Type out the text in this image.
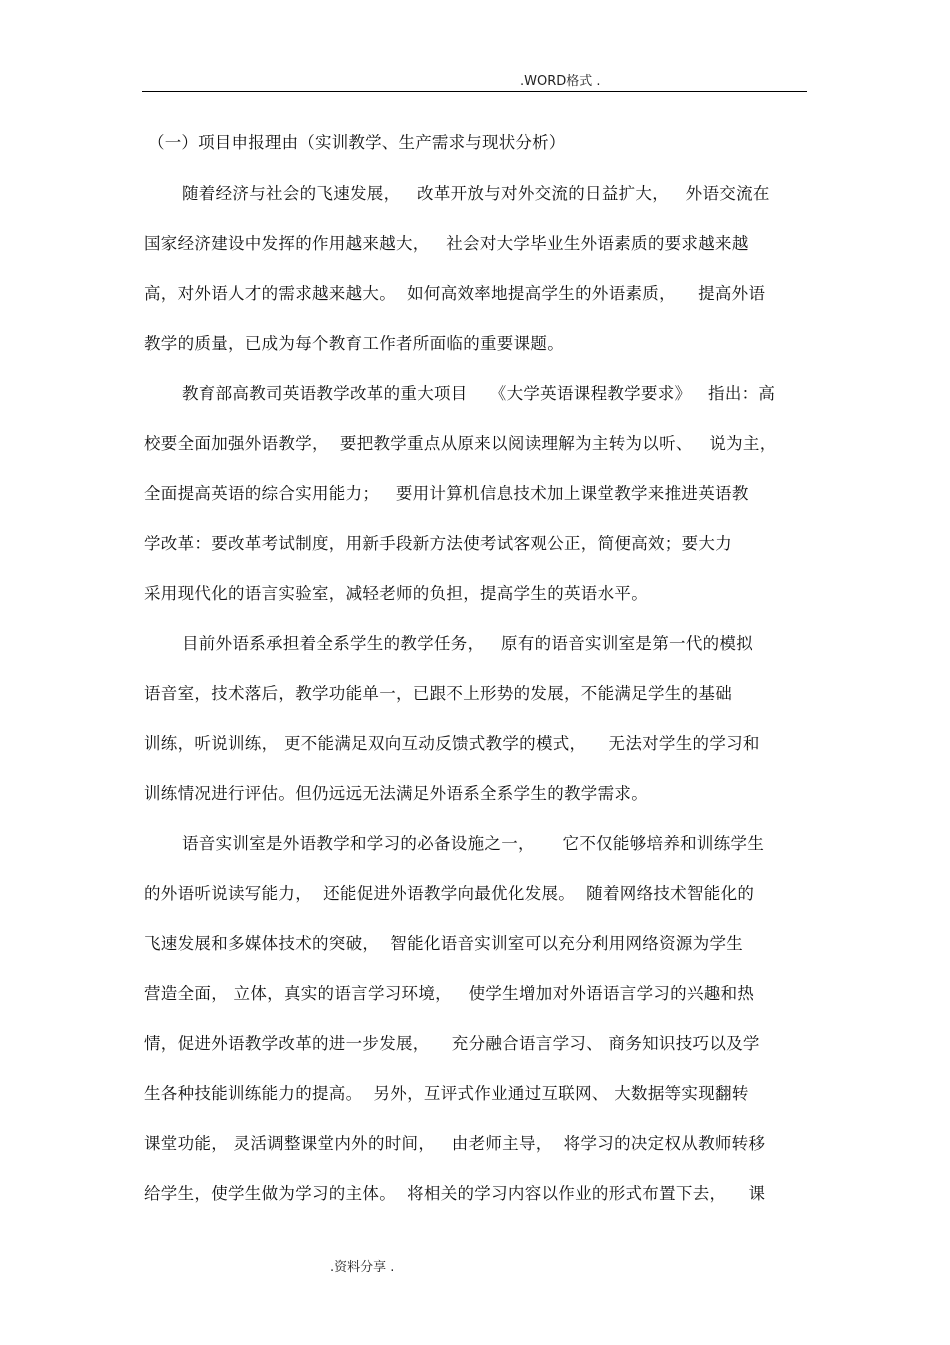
.WORD格式 .
（一）项目申报理由（实训教学、生产需求与现状分析）
随着经济与社会的飞速发展，   改革开放与对外交流的日益扩大，   外语交流在
国家经济建设中发挥的作用越来越大，   社会对大学毕业生外语素质的要求越来越
高，对外语人才的需求越来越大。  如何高效率地提高学生的外语素质，    提高外语
教学的质量，已成为每个教育工作者所面临的重要课题。
教育部高教司英语教学改革的重大项目    《大学英语课程教学要求》   指出：高
校要全面加强外语教学，  要把教学重点从原来以阅读理解为主转为以听、   说为主，
全面提高英语的综合实用能力；   要用计算机信息技术加上课堂教学来推进英语教
学改革：要改革考试制度，用新手段新方法使考试客观公正，简便高效；要大力
采用现代化的语言实验室，减轻老师的负担，提高学生的英语水平。
目前外语系承担着全系学生的教学任务，   原有的语音实训室是第一代的模拟
语音室，技术落后，教学功能单一，已跟不上形势的发展，不能满足学生的基础
训练，听说训练， 更不能满足双向互动反馈式教学的模式，    无法对学生的学习和
训练情况进行评估。但仍远远无法满足外语系全系学生的教学需求。
语音实训室是外语教学和学习的必备设施之一，     它不仅能够培养和训练学生
的外语听说读写能力，  还能促进外语教学向最优化发展。  随着网络技术智能化的
飞速发展和多媒体技术的突破，  智能化语音实训室可以充分利用网络资源为学生
营造全面， 立体，真实的语言学习环境，   使学生增加对外语语言学习的兴趣和热
情，促进外语教学改革的进一步发展，    充分融合语言学习、 商务知识技巧以及学
生各种技能训练能力的提高。  另外，互评式作业通过互联网、 大数据等实现翻转
课堂功能， 灵活调整课堂内外的时间，   由老师主导，  将学习的决定权从教师转移
给学生，使学生做为学习的主体。  将相关的学习内容以作业的形式布置下去，    课
.资料分享 .
